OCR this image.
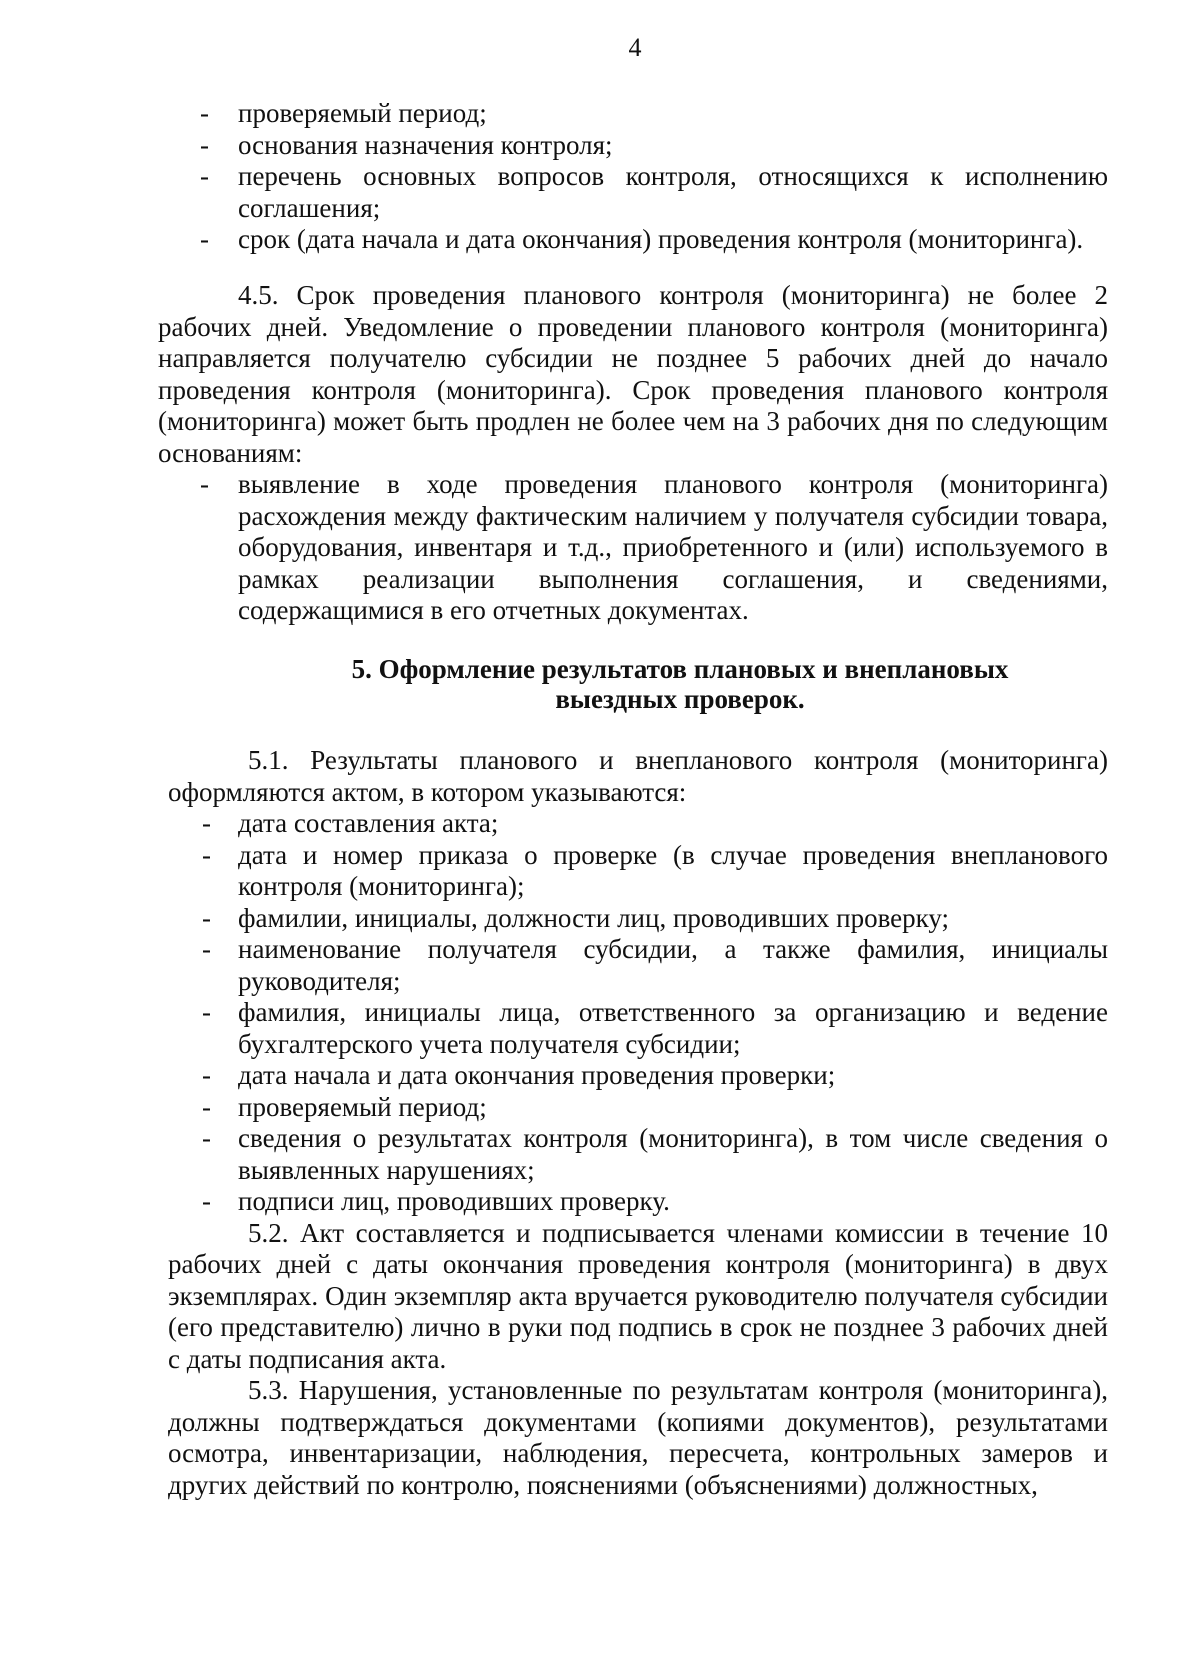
4
- проверяемый период;
- основания назначения контроля;
- перечень основных вопросов контроля, относящихся к исполнению соглашения;
- срок (дата начала и дата окончания) проведения контроля (мониторинга).

4.5. Срок проведения планового контроля (мониторинга) не более 2 рабочих дней. Уведомление о проведении планового контроля (мониторинга) направляется получателю субсидии не позднее 5 рабочих дней до начало проведения контроля (мониторинга). Срок проведения планового контроля (мониторинга) может быть продлен не более чем на 3 рабочих дня по следующим основаниям:

- выявление в ходе проведения планового контроля (мониторинга) расхождения между фактическим наличием у получателя субсидии товара, оборудования, инвентаря и т.д., приобретенного и (или) используемого в рамках реализации выполнения соглашения, и сведениями, содержащимися в его отчетных документах.
5. Оформление результатов плановых и внеплановых
выездных проверок.

5.1. Результаты планового и внепланового контроля (мониторинга) оформляются актом, в котором указываются:

- дата составления акта;
- дата и номер приказа о проверке (в случае проведения внепланового контроля (мониторинга);
- фамилии, инициалы, должности лиц, проводивших проверку;
- наименование получателя субсидии, а также фамилия, инициалы руководителя;
- фамилия, инициалы лица, ответственного за организацию и ведение бухгалтерского учета получателя субсидии;
- дата начала и дата окончания проведения проверки;
- проверяемый период;
- сведения о результатах контроля (мониторинга), в том числе сведения о выявленных нарушениях;
- подписи лиц, проводивших проверку.

5.2. Акт составляется и подписывается членами комиссии в течение 10 рабочих дней с даты окончания проведения контроля (мониторинга) в двух экземплярах. Один экземпляр акта вручается руководителю получателя субсидии (его представителю) лично в руки под подпись в срок не позднее 3 рабочих дней с даты подписания акта.

5.3. Нарушения, установленные по результатам контроля (мониторинга), должны подтверждаться документами (копиями документов), результатами осмотра, инвентаризации, наблюдения, пересчета, контрольных замеров и других действий по контролю, пояснениями (объяснениями) должностных,
